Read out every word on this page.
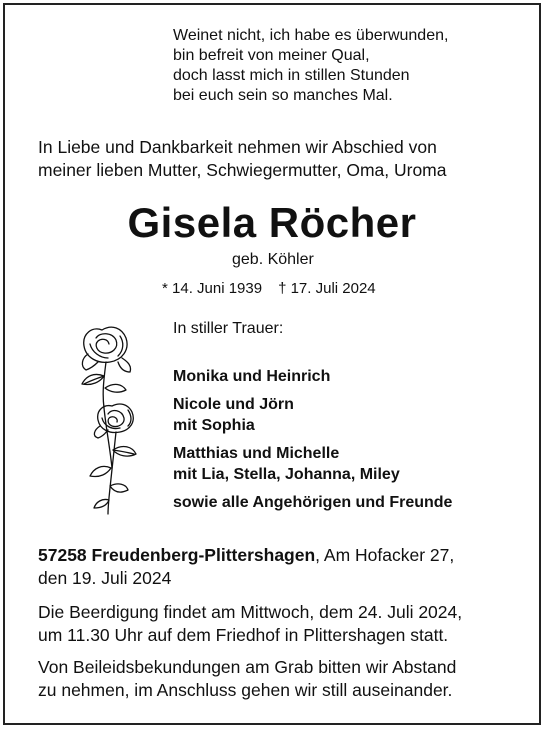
Weinet nicht, ich habe es überwunden,
bin befreit von meiner Qual,
doch lasst mich in stillen Stunden
bei euch sein so manches Mal.
In Liebe und Dankbarkeit nehmen wir Abschied von
meiner lieben Mutter, Schwiegermutter, Oma, Uroma
Gisela Röcher
geb. Köhler
* 14. Juni 1939 † 17. Juli 2024
In stiller Trauer:
Monika und Heinrich
Nicole und Jörn
mit Sophia
Matthias und Michelle
mit Lia, Stella, Johanna, Miley
sowie alle Angehörigen und Freunde
57258 Freudenberg-Plittershagen, Am Hofacker 27,
den 19. Juli 2024
Die Beerdigung findet am Mittwoch, dem 24. Juli 2024,
um 11.30 Uhr auf dem Friedhof in Plittershagen statt.
Von Beileidsbekundungen am Grab bitten wir Abstand
zu nehmen, im Anschluss gehen wir still auseinander.
